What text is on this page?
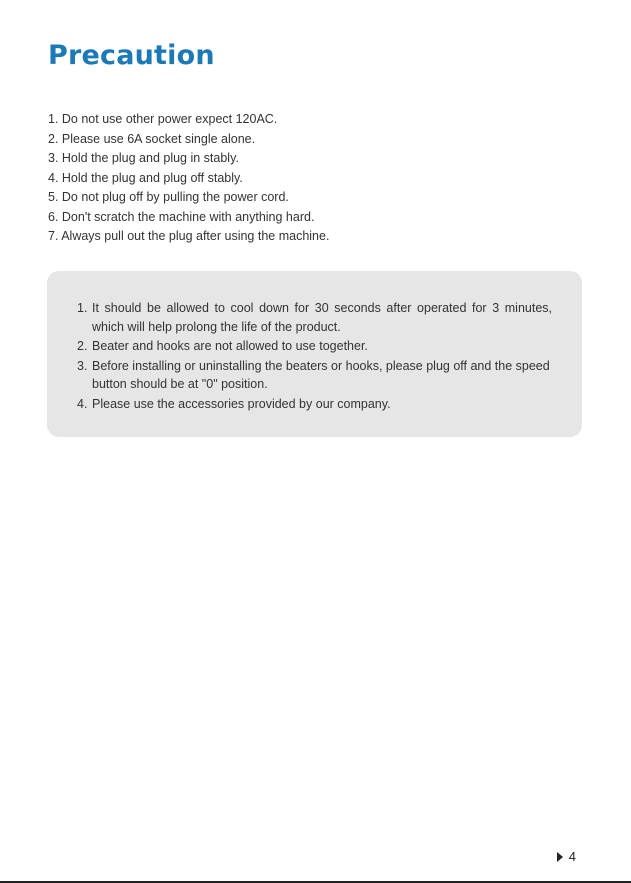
Precaution
1. Do not use other power expect 120AC.
2. Please use 6A socket single alone.
3. Hold the plug and plug in stably.
4. Hold the plug and plug off stably.
5. Do not plug off by pulling the power cord.
6. Don't scratch the machine with anything hard.
7. Always pull out the plug after using the machine.
1. It should be allowed to cool down for 30 seconds after operated for 3 minutes, which will help prolong the life of the product.
2. Beater and hooks are not allowed to use together.
3. Before installing or uninstalling the beaters or hooks, please plug off and the speed button should be at "0" position.
4. Please use the accessories provided by our company.
4
